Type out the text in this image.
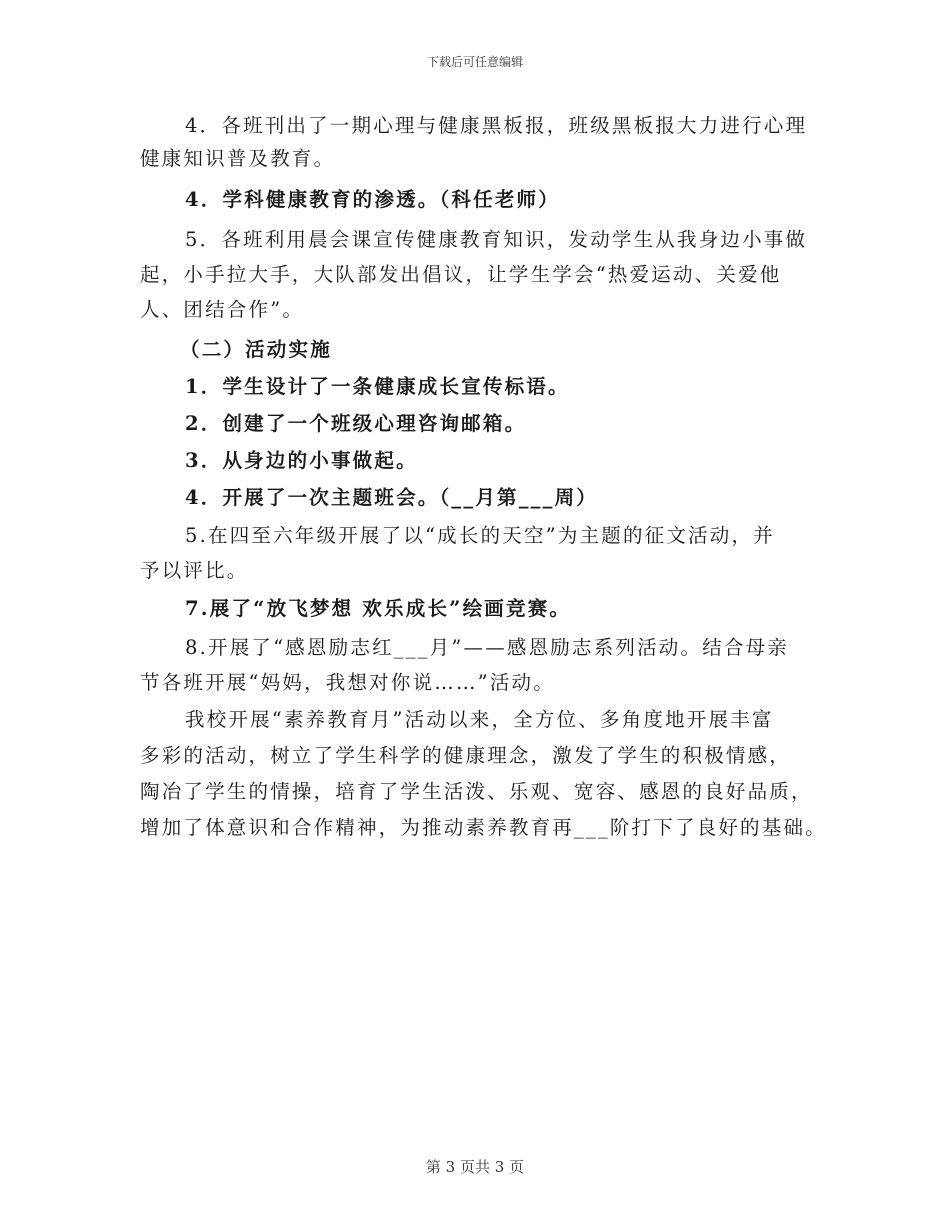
下载后可任意编辑
4．各班刊出了一期心理与健康黑板报，班级黑板报大力进行心理
健康知识普及教育。
4．学科健康教育的渗透。（科任老师）
5．各班利用晨会课宣传健康教育知识，发动学生从我身边小事做
起，小手拉大手，大队部发出倡议，让学生学会“热爱运动、关爱他
人、团结合作”。
（二）活动实施
1．学生设计了一条健康成长宣传标语。
2．创建了一个班级心理咨询邮箱。
3．从身边的小事做起。
4．开展了一次主题班会。（__月第___周）
5.在四至六年级开展了以“成长的天空”为主题的征文活动，并
予以评比。
7.展了“放飞梦想 欢乐成长”绘画竞赛。
8.开展了“感恩励志红___月”——感恩励志系列活动。结合母亲
节各班开展“妈妈，我想对你说……”活动。
我校开展“素养教育月”活动以来，全方位、多角度地开展丰富
多彩的活动，树立了学生科学的健康理念，激发了学生的积极情感，
陶冶了学生的情操，培育了学生活泼、乐观、宽容、感恩的良好品质，
增加了体意识和合作精神，为推动素养教育再___阶打下了良好的基础。
第 3 页共 3 页
